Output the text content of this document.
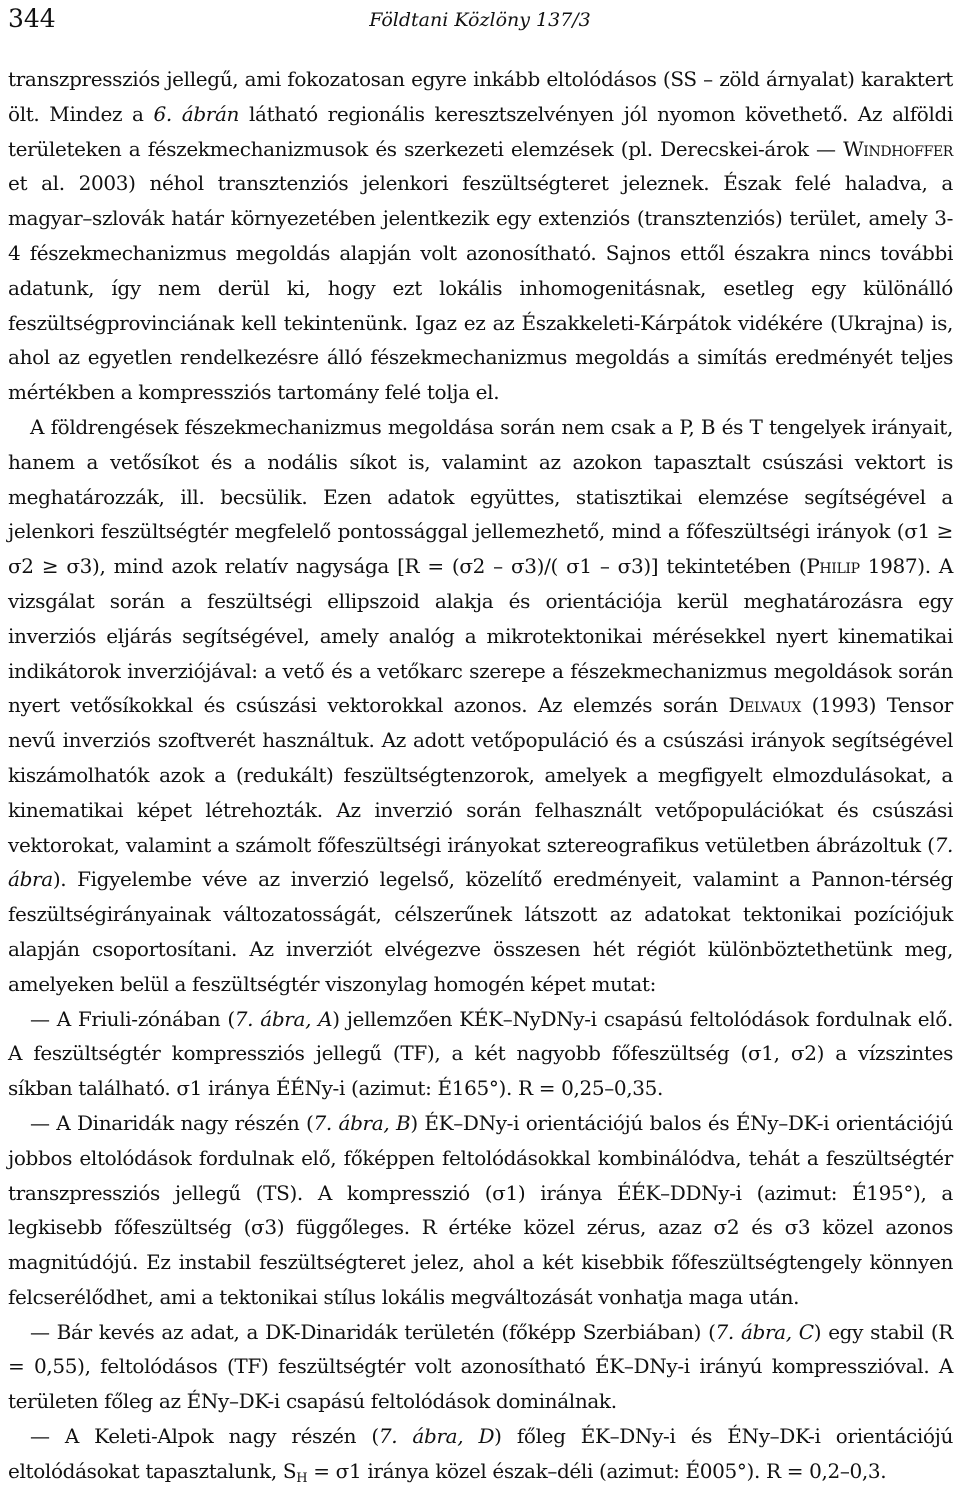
344	Földtani Közlöny 137/3

transzpressziós jellegű, ami fokozatosan egyre inkább eltolódásos (SS – zöld árnyalat) karaktert ölt. Mindez a 6. ábrán látható regionális keresztszelvényen jól nyomon követhető. Az alföldi területeken a fészekmechanizmusok és szerkezeti elemzések (pl. Derecskei-árok — Windhoffer et al. 2003) néhol transztenziós jelenkori feszültségteret jeleznek. Észak felé haladva, a magyar–szlovák határ környezetében jelentkezik egy extenziós (transztenziós) terület, amely 3-4 fészekmechanizmus megoldás alapján volt azonosítható. Sajnos ettől északra nincs további adatunk, így nem derül ki, hogy ezt lokális inhomogenitásnak, esetleg egy különálló feszültségprovinciának kell tekintenünk. Igaz ez az Északkeleti-Kárpátok vidékére (Ukrajna) is, ahol az egyetlen rendelkezésre álló fészekmechanizmus megoldás a simítás eredményét teljes mértékben a kompressziós tartomány felé tolja el.

A földrengések fészekmechanizmus megoldása során nem csak a P, B és T tengelyek irányait, hanem a vetősíkot és a nodális síkot is, valamint az azokon tapasztalt csúszási vektort is meghatározzák, ill. becsülik. Ezen adatok együttes, statisztikai elemzése segítségével a jelenkori feszültségtér megfelelő pontossággal jellemezhető, mind a főfeszültségi irányok (σ1 ≥ σ2 ≥ σ3), mind azok relatív nagysága [R = (σ2 – σ3)/( σ1 – σ3)] tekintetében (Philip 1987). A vizsgálat során a feszültségi ellipszoid alakja és orientációja kerül meghatározásra egy inverziós eljárás segítségével, amely analóg a mikrotektonikai mérésekkel nyert kinematikai indikátorok inverziójával: a vető és a vetőkarc szerepe a fészekmechanizmus megoldások során nyert vetősíkokkal és csúszási vektorokkal azonos. Az elemzés során Delvaux (1993) Tensor nevű inverziós szoftverét használtuk. Az adott vetőpopuláció és a csúszási irányok segítségével kiszámolhatók azok a (redukált) feszültségtenzorok, amelyek a megfigyelt elmozdulásokat, a kinematikai képet létrehozták. Az inverzió során felhasznált vetőpopulációkat és csúszási vektorokat, valamint a számolt főfeszültségi irányokat sztereografikus vetületben ábrázoltuk (7. ábra). Figyelembe véve az inverzió legelső, közelítő eredményeit, valamint a Pannon-térség feszültségirányainak változatosságát, célszerűnek látszott az adatokat tektonikai pozíciójuk alapján csoportosítani. Az inverziót elvégezve összesen hét régiót különböztethetünk meg, amelyeken belül a feszültségtér viszonylag homogén képet mutat:

— A Friuli-zónában (7. ábra, A) jellemzően KÉK–NyDNy-i csapású feltolódások fordulnak elő. A feszültségtér kompressziós jellegű (TF), a két nagyobb főfeszültség (σ1, σ2) a vízszintes síkban található. σ1 iránya ÉÉNy-i (azimut: É165°). R = 0,25–0,35.

— A Dinaridák nagy részén (7. ábra, B) ÉK–DNy-i orientációjú balos és ÉNy–DK-i orientációjú jobbos eltolódások fordulnak elő, főképpen feltolódásokkal kombinálódva, tehát a feszültségtér transzpressziós jellegű (TS). A kompresszió (σ1) iránya ÉÉK–DDNy-i (azimut: É195°), a legkisebb főfeszültség (σ3) függőleges. R értéke közel zérus, azaz σ2 és σ3 közel azonos magnitúdójú. Ez instabil feszültségteret jelez, ahol a két kisebbik főfeszültségtengely könnyen felcserélődhet, ami a tektonikai stílus lokális megváltozását vonhatja maga után.

— Bár kevés az adat, a DK-Dinaridák területén (főképp Szerbiában) (7. ábra, C) egy stabil (R = 0,55), feltolódásos (TF) feszültségtér volt azonosítható ÉK–DNy-i irányú kompresszióval. A területen főleg az ÉNy–DK-i csapású feltolódások dominálnak.

— A Keleti-Alpok nagy részén (7. ábra, D) főleg ÉK–DNy-i és ÉNy–DK-i orientációjú eltolódásokat tapasztalunk, $S_H = \sigma 1$ iránya közel észak–déli (azimut: É005°). R = 0,2–0,3.
